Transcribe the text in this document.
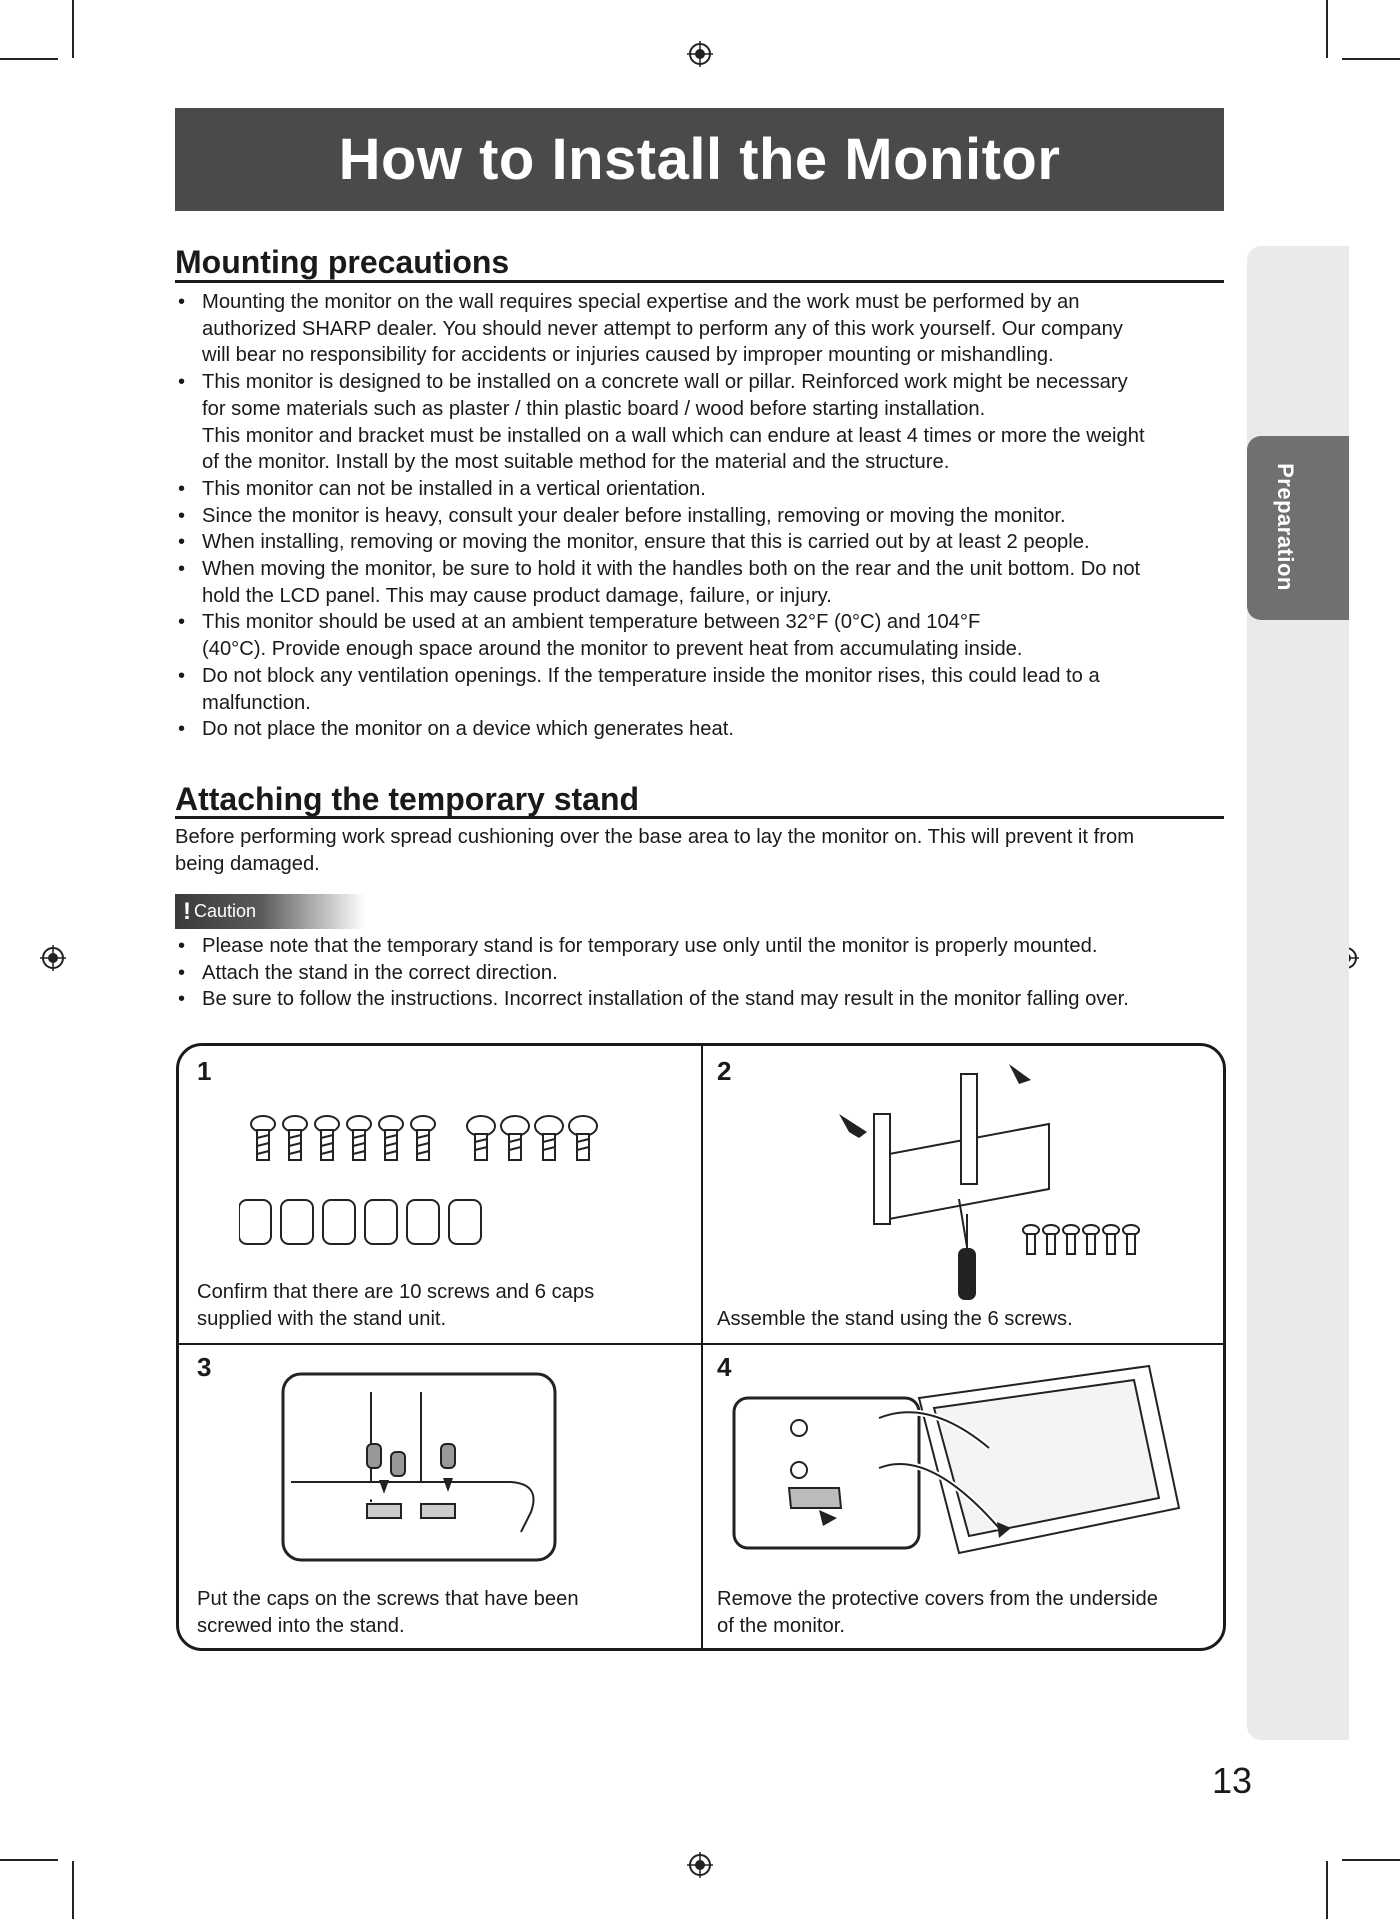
Preparation
How to Install the Monitor
Mounting precautions
• Mounting the monitor on the wall requires special expertise and the work must be performed by an
authorized SHARP dealer. You should never attempt to perform any of this work yourself. Our company
will bear no responsibility for accidents or injuries caused by improper mounting or mishandling.
• This monitor is designed to be installed on a concrete wall or pillar. Reinforced work might be necessary
for some materials such as plaster / thin plastic board / wood before starting installation.
This monitor and bracket must be installed on a wall which can endure at least 4 times or more the weight
of the monitor. Install by the most suitable method for the material and the structure.
• This monitor can not be installed in a vertical orientation.
• Since the monitor is heavy, consult your dealer before installing, removing or moving the monitor.
• When installing, removing or moving the monitor, ensure that this is carried out by at least 2 people.
• When moving the monitor, be sure to hold it with the handles both on the rear and the unit bottom. Do not
hold the LCD panel. This may cause product damage, failure, or injury.
• This monitor should be used at an ambient temperature between 32°F (0°C) and 104°F
(40°C). Provide enough space around the monitor to prevent heat from accumulating inside.
• Do not block any ventilation openings. If the temperature inside the monitor rises, this could lead to a
malfunction.
• Do not place the monitor on a device which generates heat.
Attaching the temporary stand
Before performing work spread cushioning over the base area to lay the monitor on. This will prevent it from
being damaged.
! Caution
• Please note that the temporary stand is for temporary use only until the monitor is properly mounted.
• Attach the stand in the correct direction.
• Be sure to follow the instructions. Incorrect installation of the stand may result in the monitor falling over.
1
Confirm that there are 10 screws and 6 caps
supplied with the stand unit.
2
Assemble the stand using the 6 screws.
3
Put the caps on the screws that have been
screwed into the stand.
4
Remove the protective covers from the underside
of the monitor.
13
